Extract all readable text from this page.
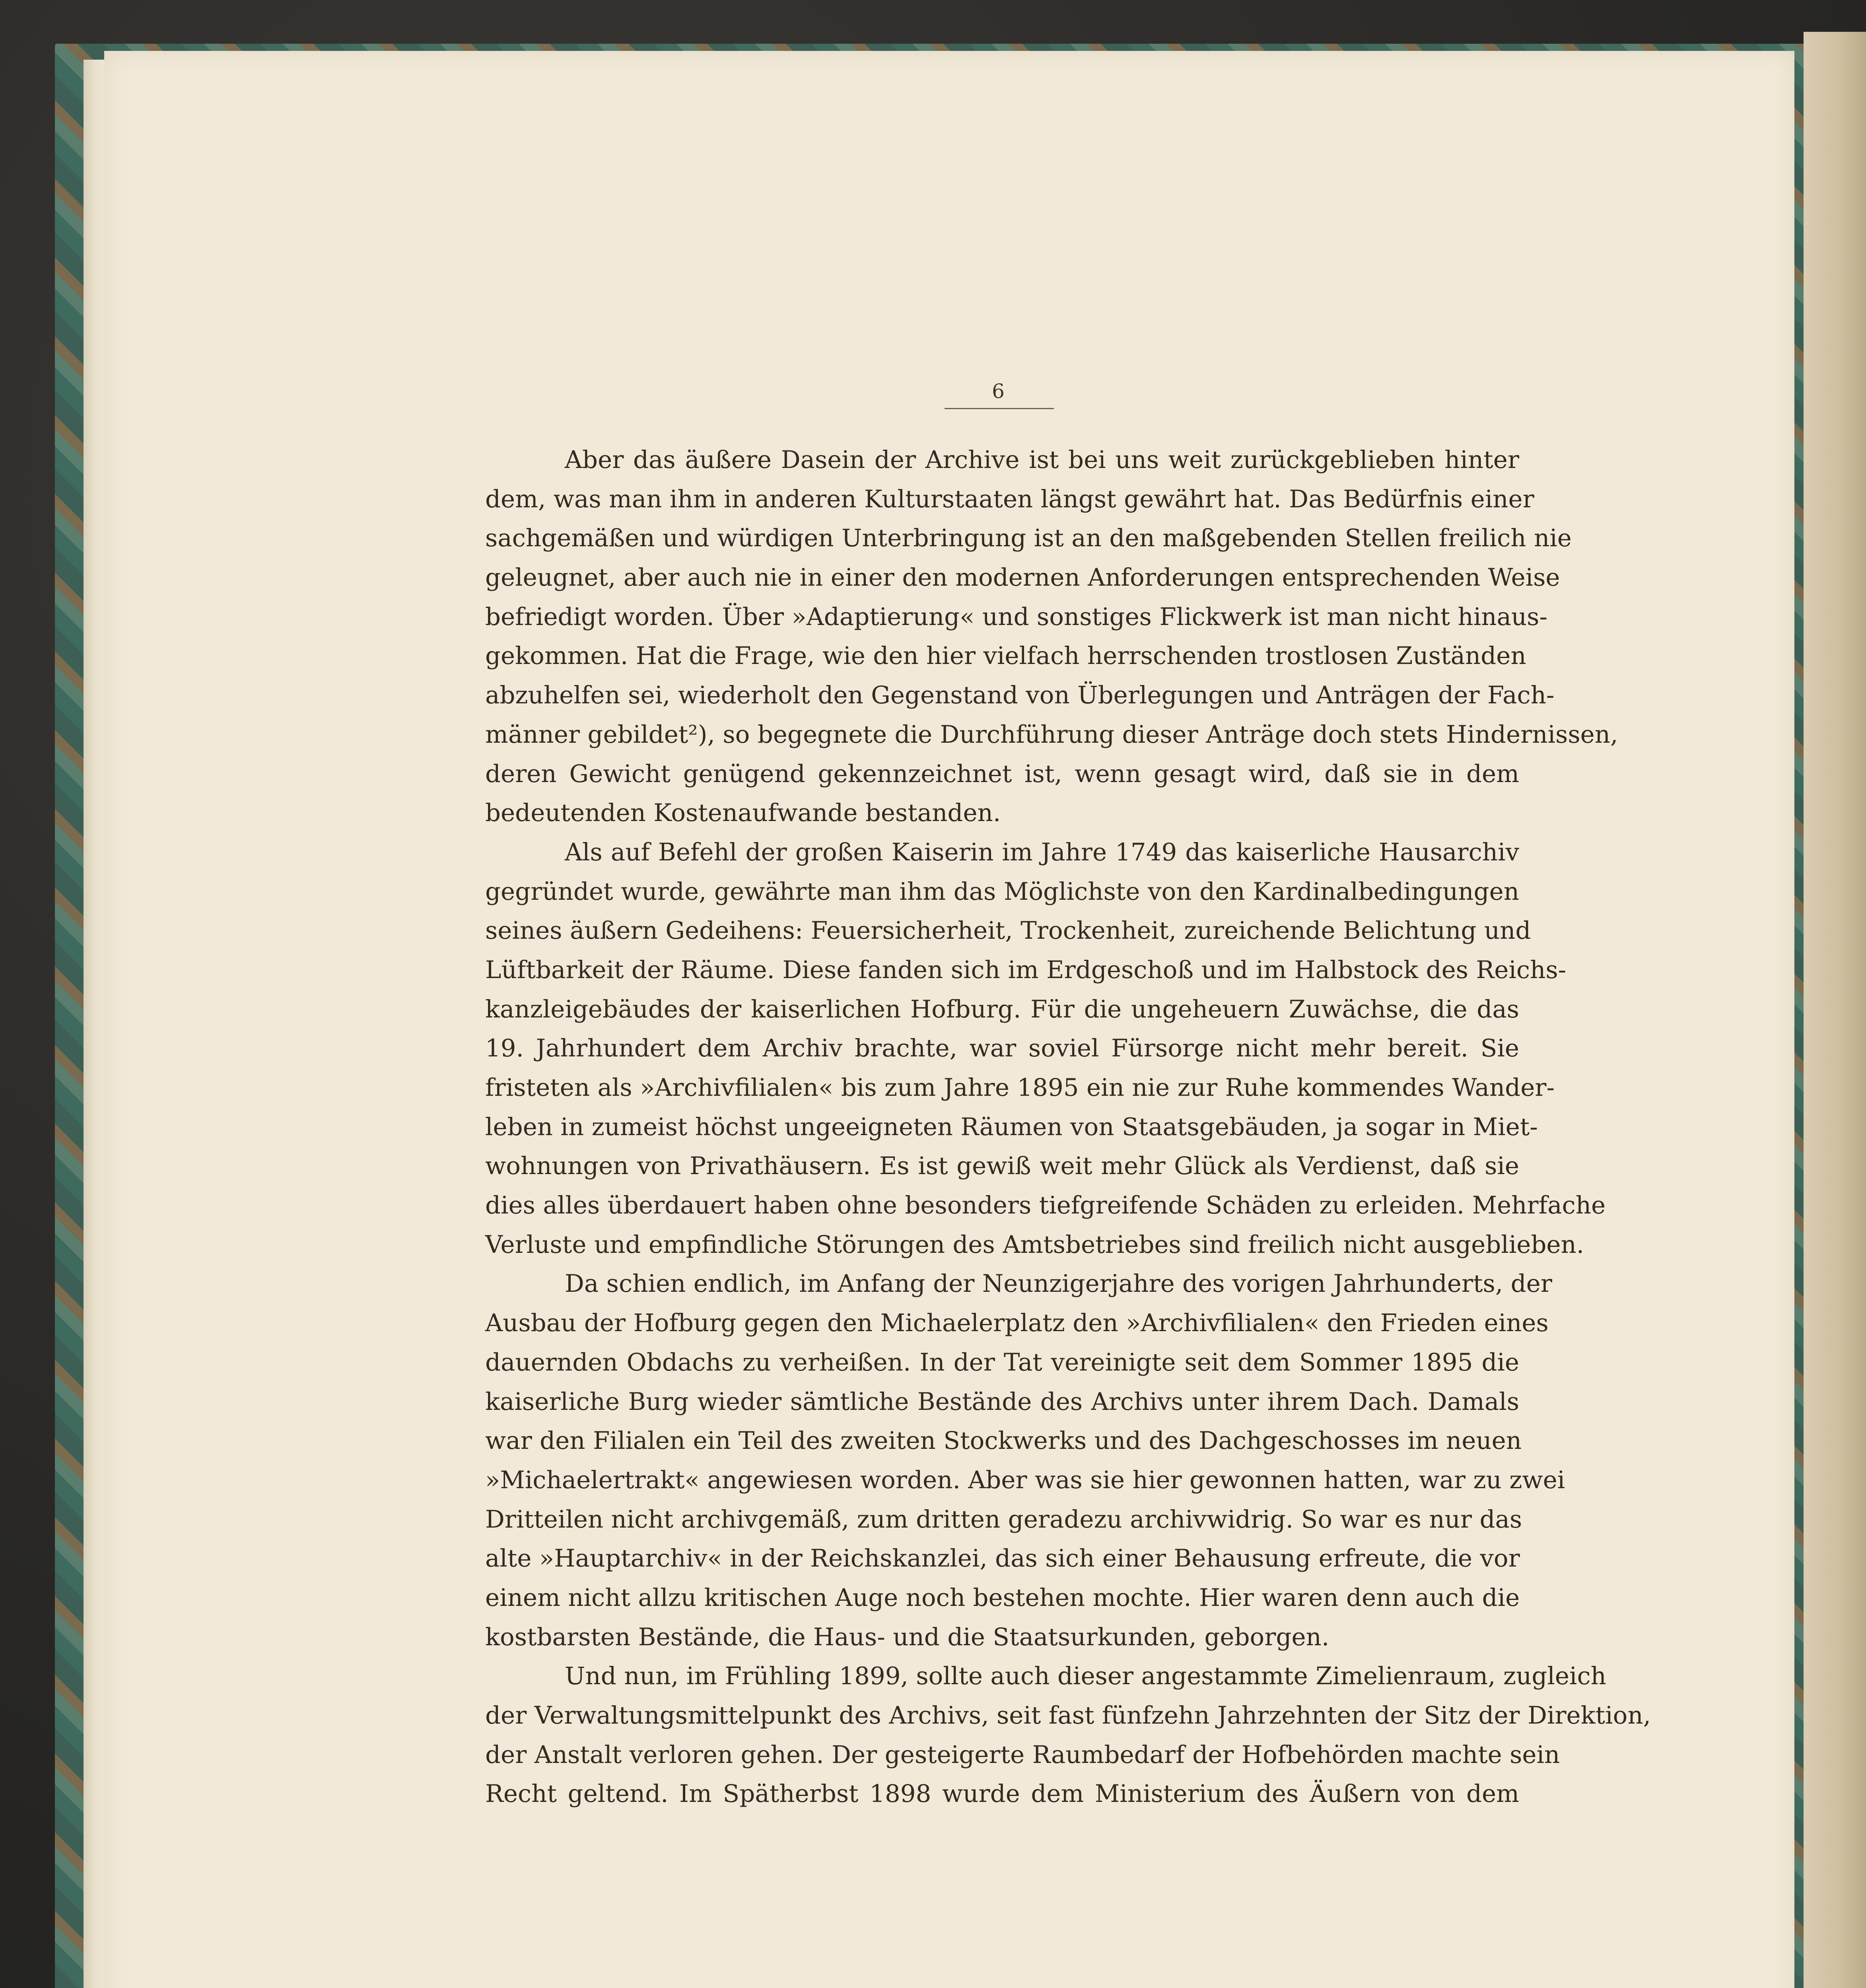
6

Aber das äußere Dasein der Archive ist bei uns weit zurückgeblieben hinter
dem, was man ihm in anderen Kulturstaaten längst gewährt hat. Das Bedürfnis einer
sachgemäßen und würdigen Unterbringung ist an den maßgebenden Stellen freilich nie
geleugnet, aber auch nie in einer den modernen Anforderungen entsprechenden Weise
befriedigt worden. Über »Adaptierung« und sonstiges Flickwerk ist man nicht hinaus-
gekommen. Hat die Frage, wie den hier vielfach herrschenden trostlosen Zuständen
abzuhelfen sei, wiederholt den Gegenstand von Überlegungen und Anträgen der Fach-
männer gebildet²), so begegnete die Durchführung dieser Anträge doch stets Hindernissen,
deren Gewicht genügend gekennzeichnet ist, wenn gesagt wird, daß sie in dem
bedeutenden Kostenaufwande bestanden.

Als auf Befehl der großen Kaiserin im Jahre 1749 das kaiserliche Hausarchiv
gegründet wurde, gewährte man ihm das Möglichste von den Kardinalbedingungen
seines äußern Gedeihens: Feuersicherheit, Trockenheit, zureichende Belichtung und
Lüftbarkeit der Räume. Diese fanden sich im Erdgeschoß und im Halbstock des Reichs-
kanzleigebäudes der kaiserlichen Hofburg. Für die ungeheuern Zuwächse, die das
19. Jahrhundert dem Archiv brachte, war soviel Fürsorge nicht mehr bereit. Sie
fristeten als »Archivfilialen« bis zum Jahre 1895 ein nie zur Ruhe kommendes Wander-
leben in zumeist höchst ungeeigneten Räumen von Staatsgebäuden, ja sogar in Miet-
wohnungen von Privathäusern. Es ist gewiß weit mehr Glück als Verdienst, daß sie
dies alles überdauert haben ohne besonders tiefgreifende Schäden zu erleiden. Mehrfache
Verluste und empfindliche Störungen des Amtsbetriebes sind freilich nicht ausgeblieben.

Da schien endlich, im Anfang der Neunzigerjahre des vorigen Jahrhunderts, der
Ausbau der Hofburg gegen den Michaelerplatz den »Archivfilialen« den Frieden eines
dauernden Obdachs zu verheißen. In der Tat vereinigte seit dem Sommer 1895 die
kaiserliche Burg wieder sämtliche Bestände des Archivs unter ihrem Dach. Damals
war den Filialen ein Teil des zweiten Stockwerks und des Dachgeschosses im neuen
»Michaelertrakt« angewiesen worden. Aber was sie hier gewonnen hatten, war zu zwei
Dritteilen nicht archivgemäß, zum dritten geradezu archivwidrig. So war es nur das
alte »Hauptarchiv« in der Reichskanzlei, das sich einer Behausung erfreute, die vor
einem nicht allzu kritischen Auge noch bestehen mochte. Hier waren denn auch die
kostbarsten Bestände, die Haus- und die Staatsurkunden, geborgen.

Und nun, im Frühling 1899, sollte auch dieser angestammte Zimelienraum, zugleich
der Verwaltungsmittelpunkt des Archivs, seit fast fünfzehn Jahrzehnten der Sitz der Direktion,
der Anstalt verloren gehen. Der gesteigerte Raumbedarf der Hofbehörden machte sein
Recht geltend. Im Spätherbst 1898 wurde dem Ministerium des Äußern von dem
